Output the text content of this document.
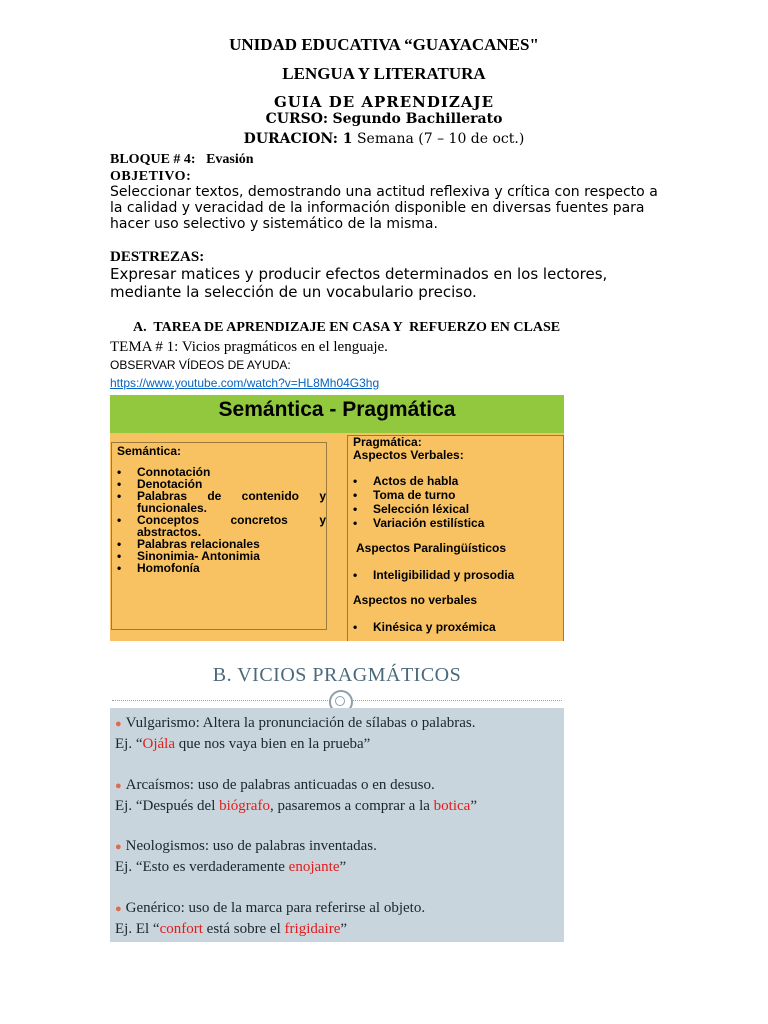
UNIDAD EDUCATIVA “GUAYACANES"
LENGUA Y LITERATURA
GUIA DE APRENDIZAJE
CURSO: Segundo Bachillerato
DURACION: 1 Semana (7 – 10 de oct.)
BLOQUE # 4:   Evasión
OBJETIVO:
Seleccionar textos, demostrando una actitud reflexiva y crítica con respecto a la calidad y veracidad de la información disponible en diversas fuentes para hacer uso selectivo y sistemático de la misma.
DESTREZAS:
Expresar matices y producir efectos determinados en los lectores, mediante la selección de un vocabulario preciso.
A.  TAREA DE APRENDIZAJE EN CASA Y  REFUERZO EN CLASE
TEMA # 1: Vicios pragmáticos en el lenguaje.
OBSERVAR VÍDEOS DE AYUDA:
https://www.youtube.com/watch?v=HL8Mh04G3hg
Semántica - Pragmática
Semántica:
• Connotación
• Denotación
• Palabras de contenido y funcionales.
• Conceptos concretos y abstractos.
• Palabras relacionales
• Sinonimia- Antonimia
• Homofonía
Pragmática:
Aspectos Verbales:
• Actos de habla
• Toma de turno
• Selección léxical
• Variación estilística
Aspectos Paralingüísticos
• Inteligibilidad y prosodia
Aspectos no verbales
• Kinésica y proxémica
B. VICIOS PRAGMÁTICOS
● Vulgarismo: Altera la pronunciación de sílabas o palabras.
Ej. “Ojála que nos vaya bien en la prueba”
● Arcaísmos: uso de palabras anticuadas o en desuso.
Ej. “Después del biógrafo, pasaremos a comprar a la botica”
● Neologismos: uso de palabras inventadas.
Ej. “Esto es verdaderamente enojante”
● Genérico: uso de la marca para referirse al objeto.
Ej. El “confort está sobre el frigidaire”
